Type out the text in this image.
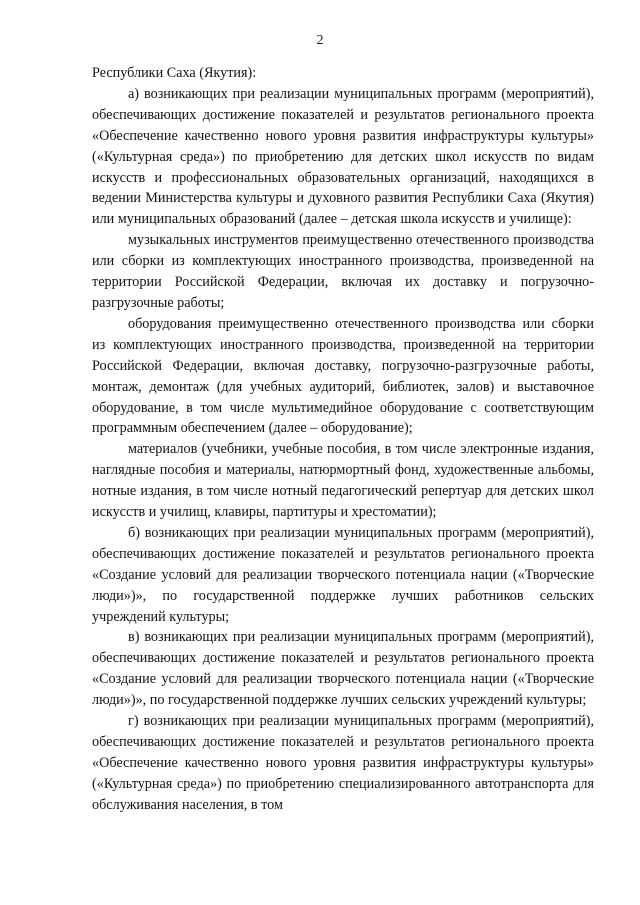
2

Республики Саха (Якутия):

а) возникающих при реализации муниципальных программ (мероприятий), обеспечивающих достижение показателей и результатов регионального проекта «Обеспечение качественно нового уровня развития инфраструктуры культуры» («Культурная среда») по приобретению для детских школ искусств по видам искусств и профессиональных образовательных организаций, находящихся в ведении Министерства культуры и духовного развития Республики Саха (Якутия) или муниципальных образований (далее – детская школа искусств и училище):

музыкальных инструментов преимущественно отечественного производства или сборки из комплектующих иностранного производства, произведенной на территории Российской Федерации, включая их доставку и погрузочно-разгрузочные работы;

оборудования преимущественно отечественного производства или сборки из комплектующих иностранного производства, произведенной на территории Российской Федерации, включая доставку, погрузочно-разгрузочные работы, монтаж, демонтаж (для учебных аудиторий, библиотек, залов) и выставочное оборудование, в том числе мультимедийное оборудование с соответствующим программным обеспечением (далее – оборудование);

материалов (учебники, учебные пособия, в том числе электронные издания, наглядные пособия и материалы, натюрмортный фонд, художественные альбомы, нотные издания, в том числе нотный педагогический репертуар для детских школ искусств и училищ, клавиры, партитуры и хрестоматии);

б) возникающих при реализации муниципальных программ (мероприятий), обеспечивающих достижение показателей и результатов регионального проекта «Создание условий для реализации творческого потенциала нации («Творческие люди»)», по государственной поддержке лучших работников сельских учреждений культуры;

в) возникающих при реализации муниципальных программ (мероприятий), обеспечивающих достижение показателей и результатов регионального проекта «Создание условий для реализации творческого потенциала нации («Творческие люди»)», по государственной поддержке лучших сельских учреждений культуры;

г) возникающих при реализации муниципальных программ (мероприятий), обеспечивающих достижение показателей и результатов регионального проекта «Обеспечение качественно нового уровня развития инфраструктуры культуры» («Культурная среда») по приобретению специализированного автотранспорта для обслуживания населения, в том
